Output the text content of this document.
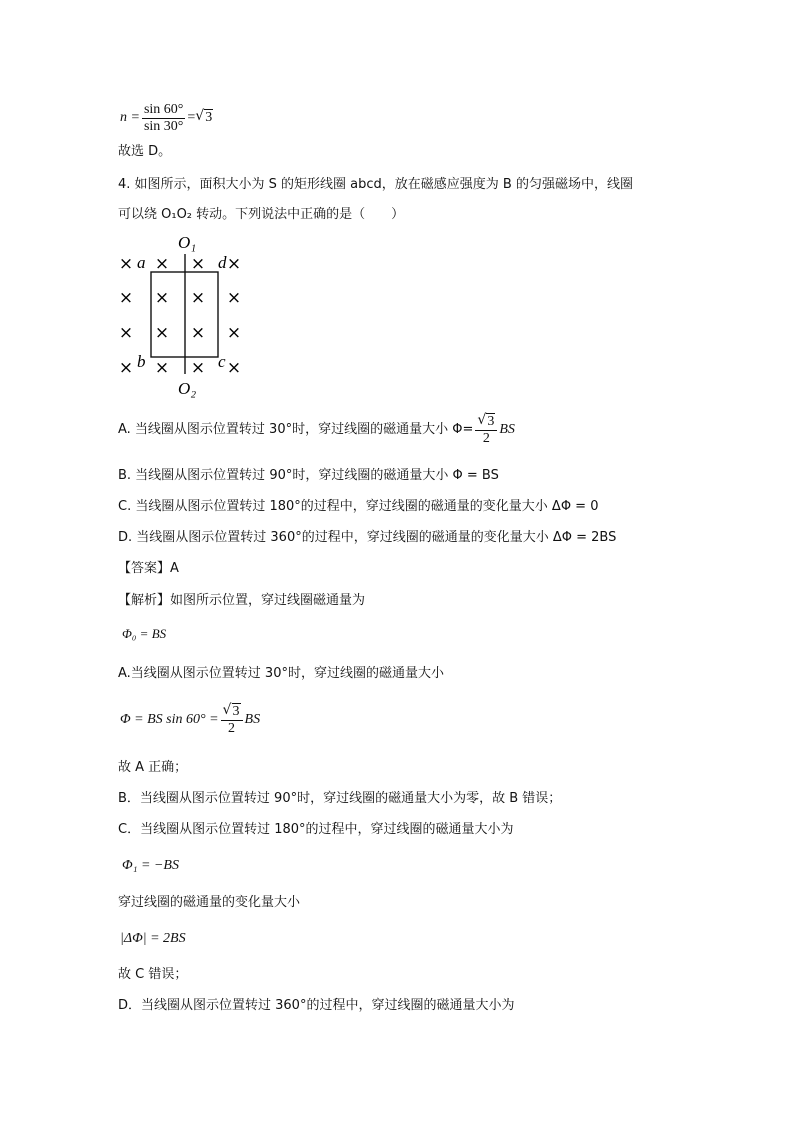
$n = \frac{\sin 60^\circ}{\sin 30^\circ}$ = √ 3
故选 D。
4. 如图所示，面积大小为 S 的矩形线圈 abcd，放在磁感应强度为 B 的匀强磁场中，线圈
可以绕 O₁O₂ 转动。下列说法中正确的是（　　）
O₁
O₂
a
b	c
d
× × × ×
× × × ×
× × × ×
× × × ×
A. 当线圈从图示位置转过 30°时，穿过线圈的磁通量大小 Φ= √ $\frac{3}{2}$ BS
B. 当线圈从图示位置转过 90°时，穿过线圈的磁通量大小 Φ = BS
C. 当线圈从图示位置转过 180°的过程中，穿过线圈的磁通量的变化量大小 ΔΦ = 0
D. 当线圈从图示位置转过 360°的过程中，穿过线圈的磁通量的变化量大小 ΔΦ = 2BS
【答案】A
【解析】如图所示位置，穿过线圈磁通量为
Φ₀ = BS
A.当线圈从图示位置转过 30°时，穿过线圈的磁通量大小
Φ = BS sin 60° = √ $\frac{3}{2}$ BS
故 A 正确；
B．当线圈从图示位置转过 90°时，穿过线圈的磁通量大小为零，故 B 错误；
C．当线圈从图示位置转过 180°的过程中，穿过线圈的磁通量大小为
Φ₁ = −BS
穿过线圈的磁通量的变化量大小
|ΔΦ| = 2BS
故 C 错误；
D．当线圈从图示位置转过 360°的过程中，穿过线圈的磁通量大小为
